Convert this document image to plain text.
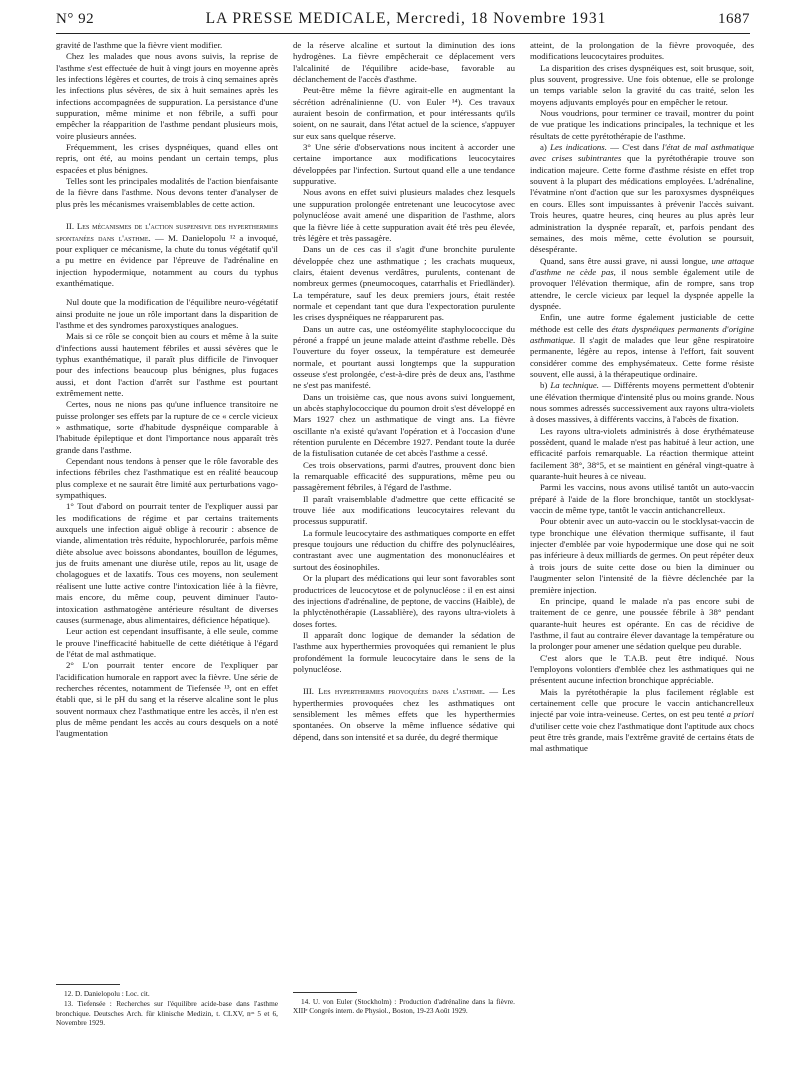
N° 92	LA PRESSE MEDICALE, Mercredi, 18 Novembre 1931	1687

gravité de l'asthme que la fièvre vient modifier.

Chez les malades que nous avons suivis, la reprise de l'asthme s'est effectuée de huit à vingt jours en moyenne après les infections légères et courtes, de trois à cinq semaines après les infections plus sévères, de six à huit semaines après les infections accompagnées de suppuration. La persistance d'une suppuration, même minime et non fébrile, a suffi pour empêcher la réapparition de l'asthme pendant plusieurs mois, voire plusieurs années.

Fréquemment, les crises dyspnéiques, quand elles ont repris, ont été, au moins pendant un certain temps, plus espacées et plus bénignes.

Telles sont les principales modalités de l'action bienfaisante de la fièvre dans l'asthme. Nous devons tenter d'analyser de plus près les mécanismes vraisemblables de cette action.

II. Les mécanismes de l'action suspensive des hyperthermies spontanées dans l'asthme. — M. Danielopolu ¹² a invoqué, pour expliquer ce mécanisme, la chute du tonus végétatif qu'il a pu mettre en évidence par l'épreuve de l'adrénaline en injection hypodermique, notamment au cours du typhus exanthématique.

Nul doute que la modification de l'équilibre neuro-végétatif ainsi produite ne joue un rôle important dans la disparition de l'asthme et des syndromes paroxystiques analogues.

Mais si ce rôle se conçoit bien au cours et même à la suite d'infections aussi hautement fébriles et aussi sévères que le typhus exanthématique, il paraît plus difficile de l'invoquer pour des infections beaucoup plus bénignes, plus fugaces aussi, et dont l'action d'arrêt sur l'asthme est pourtant extrêmement nette.

Certes, nous ne nions pas qu'une influence transitoire ne puisse prolonger ses effets par la rupture de ce « cercle vicieux » asthmatique, sorte d'habitude dyspnéique comparable à l'habitude épileptique et dont l'importance nous apparaît très grande dans l'asthme.

Cependant nous tendons à penser que le rôle favorable des infections fébriles chez l'asthmatique est en réalité beaucoup plus complexe et ne saurait être limité aux perturbations vago-sympathiques.

1° Tout d'abord on pourrait tenter de l'expliquer aussi par les modifications de régime et par certains traitements auxquels une infection aiguë oblige à recourir : absence de viande, alimentation très réduite, hypochlorurée, parfois même diète absolue avec boissons abondantes, bouillon de légumes, jus de fruits amenant une diurèse utile, repos au lit, usage de cholagogues et de laxatifs. Tous ces moyens, non seulement réalisent une lutte active contre l'intoxication liée à la fièvre, mais encore, du même coup, peuvent diminuer l'auto-intoxication asthmatogène antérieure résultant de diverses causes (surmenage, abus alimentaires, déficience hépatique).

Leur action est cependant insuffisante, à elle seule, comme le prouve l'inefficacité habituelle de cette diététique à l'égard de l'état de mal asthmatique.

2° L'on pourrait tenter encore de l'expliquer par l'acidification humorale en rapport avec la fièvre. Une série de recherches récentes, notamment de Tiefensée ¹³, ont en effet établi que, si le pH du sang et la réserve alcaline sont le plus souvent normaux chez l'asthmatique entre les accès, il n'en est plus de même pendant les accès au cours desquels on a noté l'augmentation

12. D. Danielopolu : Loc. cit.

13. Tiefensée : Recherches sur l'équilibre acide-base dans l'asthme bronchique. Deutsches Arch. für klinische Medizin, t. CLXV, nᵒˢ 5 et 6, Novembre 1929.

de la réserve alcaline et surtout la diminution des ions hydrogènes. La fièvre empêcherait ce déplacement vers l'alcalinité de l'équilibre acide-base, favorable au déclanchement de l'accès d'asthme.

Peut-être même la fièvre agirait-elle en augmentant la sécrétion adrénalinienne (U. von Euler ¹⁴). Ces travaux auraient besoin de confirmation, et pour intéressants qu'ils soient, on ne saurait, dans l'état actuel de la science, s'appuyer sur eux sans quelque réserve.

3° Une série d'observations nous incitent à accorder une certaine importance aux modifications leucocytaires développées par l'infection. Surtout quand elle a une tendance suppurative.

Nous avons en effet suivi plusieurs malades chez lesquels une suppuration prolongée entretenant une leucocytose avec polynucléose avait amené une disparition de l'asthme, alors que la fièvre liée à cette suppuration avait été très peu élevée, très légère et très passagère.

Dans un de ces cas il s'agit d'une bronchite purulente développée chez une asthmatique ; les crachats muqueux, clairs, étaient devenus verdâtres, purulents, contenant de nombreux germes (pneumocoques, catarrhalis et Friedländer). La température, sauf les deux premiers jours, était restée normale et cependant tant que dura l'expectoration purulente les crises dyspnéiques ne réapparurent pas.

Dans un autre cas, une ostéomyélite staphylococcique du péroné a frappé un jeune malade atteint d'asthme rebelle. Dès l'ouverture du foyer osseux, la température est demeurée normale, et pourtant aussi longtemps que la suppuration osseuse s'est prolongée, c'est-à-dire près de deux ans, l'asthme ne s'est pas manifesté.

Dans un troisième cas, que nous avons suivi longuement, un abcès staphylococcique du poumon droit s'est développé en Mars 1927 chez un asthmatique de vingt ans. La fièvre oscillante n'a existé qu'avant l'opération et à l'occasion d'une rétention purulente en Décembre 1927. Pendant toute la durée de la fistulisation cutanée de cet abcès l'asthme a cessé.

Ces trois observations, parmi d'autres, prouvent donc bien la remarquable efficacité des suppurations, même peu ou passagèrement fébriles, à l'égard de l'asthme.

Il paraît vraisemblable d'admettre que cette efficacité se trouve liée aux modifications leucocytaires relevant du processus suppuratif.

La formule leucocytaire des asthmatiques comporte en effet presque toujours une réduction du chiffre des polynucléaires, contrastant avec une augmentation des mononucléaires et surtout des éosinophiles.

Or la plupart des médications qui leur sont favorables sont productrices de leucocytose et de polynucléose : il en est ainsi des injections d'adrénaline, de peptone, de vaccins (Haible), de la phlyctènothérapie (Lassablière), des rayons ultra-violets à doses fortes.

Il apparaît donc logique de demander la sédation de l'asthme aux hyperthermies provoquées qui remanient le plus profondément la formule leucocytaire dans le sens de la polynucléose.

III. Les hyperthermies provoquées dans l'asthme. — Les hyperthermies provoquées chez les asthmatiques ont sensiblement les mêmes effets que les hyperthermies spontanées. On observe la même influence sédative qui dépend, dans son intensité et sa durée, du degré thermique

14. U. von Euler (Stockholm) : Production d'adrénaline dans la fièvre. XIIIᵉ Congrès intern. de Physiol., Boston, 19-23 Août 1929.

atteint, de la prolongation de la fièvre provoquée, des modifications leucocytaires produites.

La disparition des crises dyspnéiques est, soit brusque, soit, plus souvent, progressive. Une fois obtenue, elle se prolonge un temps variable selon la gravité du cas traité, selon les moyens adjuvants employés pour en empêcher le retour.

Nous voudrions, pour terminer ce travail, montrer du point de vue pratique les indications principales, la technique et les résultats de cette pyrétothérapie de l'asthme.

a) Les indications. — C'est dans l'état de mal asthmatique avec crises subintrantes que la pyrétothérapie trouve son indication majeure. Cette forme d'asthme résiste en effet trop souvent à la plupart des médications employées. L'adrénaline, l'évatmine n'ont d'action que sur les paroxysmes dyspnéiques en cours. Elles sont impuissantes à prévenir l'accès suivant. Trois heures, quatre heures, cinq heures au plus après leur administration la dyspnée reparaît, et, parfois pendant des semaines, des mois même, cette évolution se poursuit, désespérante.

Quand, sans être aussi grave, ni aussi longue, une attaque d'asthme ne cède pas, il nous semble également utile de provoquer l'élévation thermique, afin de rompre, sans trop attendre, le cercle vicieux par lequel la dyspnée appelle la dyspnée.

Enfin, une autre forme également justiciable de cette méthode est celle des états dyspnéiques permanents d'origine asthmatique. Il s'agit de malades que leur gêne respiratoire permanente, légère au repos, intense à l'effort, fait souvent considérer comme des emphysémateux. Cette forme résiste souvent, elle aussi, à la thérapeutique ordinaire.

b) La technique. — Différents moyens permettent d'obtenir une élévation thermique d'intensité plus ou moins grande. Nous nous sommes adressés successivement aux rayons ultra-violets à doses massives, à différents vaccins, à l'abcès de fixation.

Les rayons ultra-violets administrés à dose érythémateuse possèdent, quand le malade n'est pas habitué à leur action, une efficacité parfois remarquable. La réaction thermique atteint facilement 38°, 38°5, et se maintient en général vingt-quatre à quarante-huit heures à ce niveau.

Parmi les vaccins, nous avons utilisé tantôt un auto-vaccin préparé à l'aide de la flore bronchique, tantôt un stocklysat-vaccin de même type, tantôt le vaccin antichancrelleux.

Pour obtenir avec un auto-vaccin ou le stocklysat-vaccin de type bronchique une élévation thermique suffisante, il faut injecter d'emblée par voie hypodermique une dose qui ne soit pas inférieure à deux milliards de germes. On peut répéter deux à trois jours de suite cette dose ou bien la diminuer ou l'augmenter selon l'intensité de la fièvre déclenchée par la première injection.

En principe, quand le malade n'a pas encore subi de traitement de ce genre, une poussée fébrile à 38° pendant quarante-huit heures est opérante. En cas de récidive de l'asthme, il faut au contraire élever davantage la température ou la prolonger pour amener une sédation quelque peu durable.

C'est alors que le T.A.B. peut être indiqué. Nous l'employons volontiers d'emblée chez les asthmatiques qui ne présentent aucune infection bronchique appréciable.

Mais la pyrétothérapie la plus facilement réglable est certainement celle que procure le vaccin antichancrelleux injecté par voie intra-veineuse. Certes, on est peu tenté a priori d'utiliser cette voie chez l'asthmatique dont l'aptitude aux chocs peut être très grande, mais l'extrême gravité de certains états de mal asthmatique
